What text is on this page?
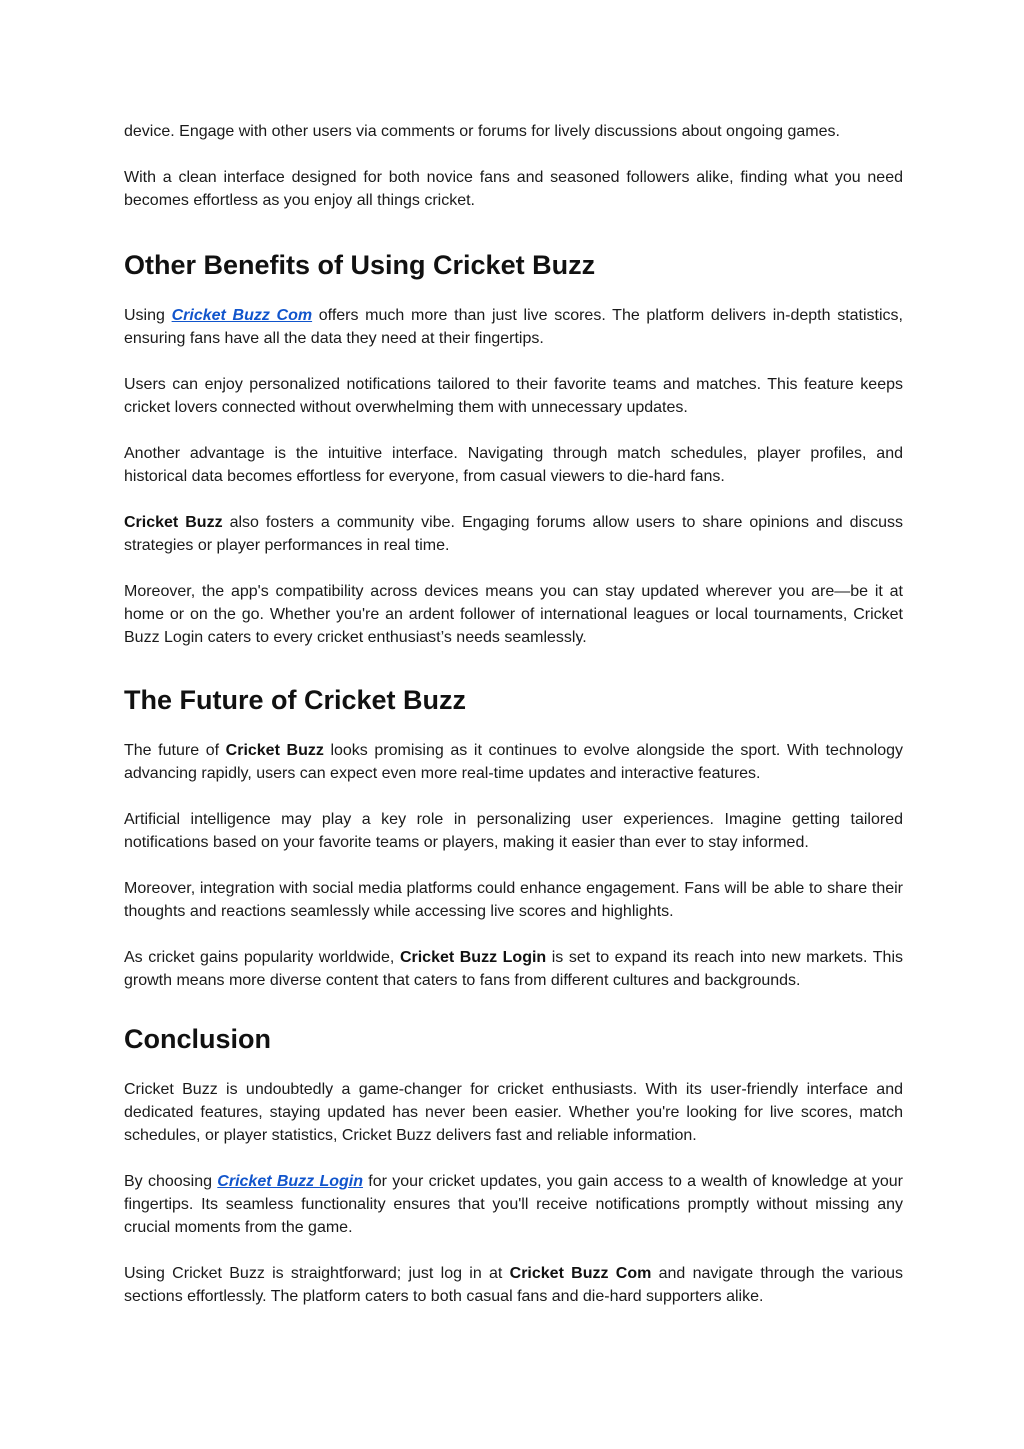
device. Engage with other users via comments or forums for lively discussions about ongoing games.

With a clean interface designed for both novice fans and seasoned followers alike, finding what you need becomes effortless as you enjoy all things cricket.

Other Benefits of Using Cricket Buzz

Using Cricket Buzz Com offers much more than just live scores. The platform delivers in-depth statistics, ensuring fans have all the data they need at their fingertips.

Users can enjoy personalized notifications tailored to their favorite teams and matches. This feature keeps cricket lovers connected without overwhelming them with unnecessary updates.

Another advantage is the intuitive interface. Navigating through match schedules, player profiles, and historical data becomes effortless for everyone, from casual viewers to die-hard fans.

Cricket Buzz also fosters a community vibe. Engaging forums allow users to share opinions and discuss strategies or player performances in real time.

Moreover, the app's compatibility across devices means you can stay updated wherever you are—be it at home or on the go. Whether you're an ardent follower of international leagues or local tournaments, Cricket Buzz Login caters to every cricket enthusiast’s needs seamlessly.

The Future of Cricket Buzz

The future of Cricket Buzz looks promising as it continues to evolve alongside the sport. With technology advancing rapidly, users can expect even more real-time updates and interactive features.

Artificial intelligence may play a key role in personalizing user experiences. Imagine getting tailored notifications based on your favorite teams or players, making it easier than ever to stay informed.

Moreover, integration with social media platforms could enhance engagement. Fans will be able to share their thoughts and reactions seamlessly while accessing live scores and highlights.

As cricket gains popularity worldwide, Cricket Buzz Login is set to expand its reach into new markets. This growth means more diverse content that caters to fans from different cultures and backgrounds.

Conclusion

Cricket Buzz is undoubtedly a game-changer for cricket enthusiasts. With its user-friendly interface and dedicated features, staying updated has never been easier. Whether you're looking for live scores, match schedules, or player statistics, Cricket Buzz delivers fast and reliable information.

By choosing Cricket Buzz Login for your cricket updates, you gain access to a wealth of knowledge at your fingertips. Its seamless functionality ensures that you'll receive notifications promptly without missing any crucial moments from the game.

Using Cricket Buzz is straightforward; just log in at Cricket Buzz Com and navigate through the various sections effortlessly. The platform caters to both casual fans and die-hard supporters alike.
